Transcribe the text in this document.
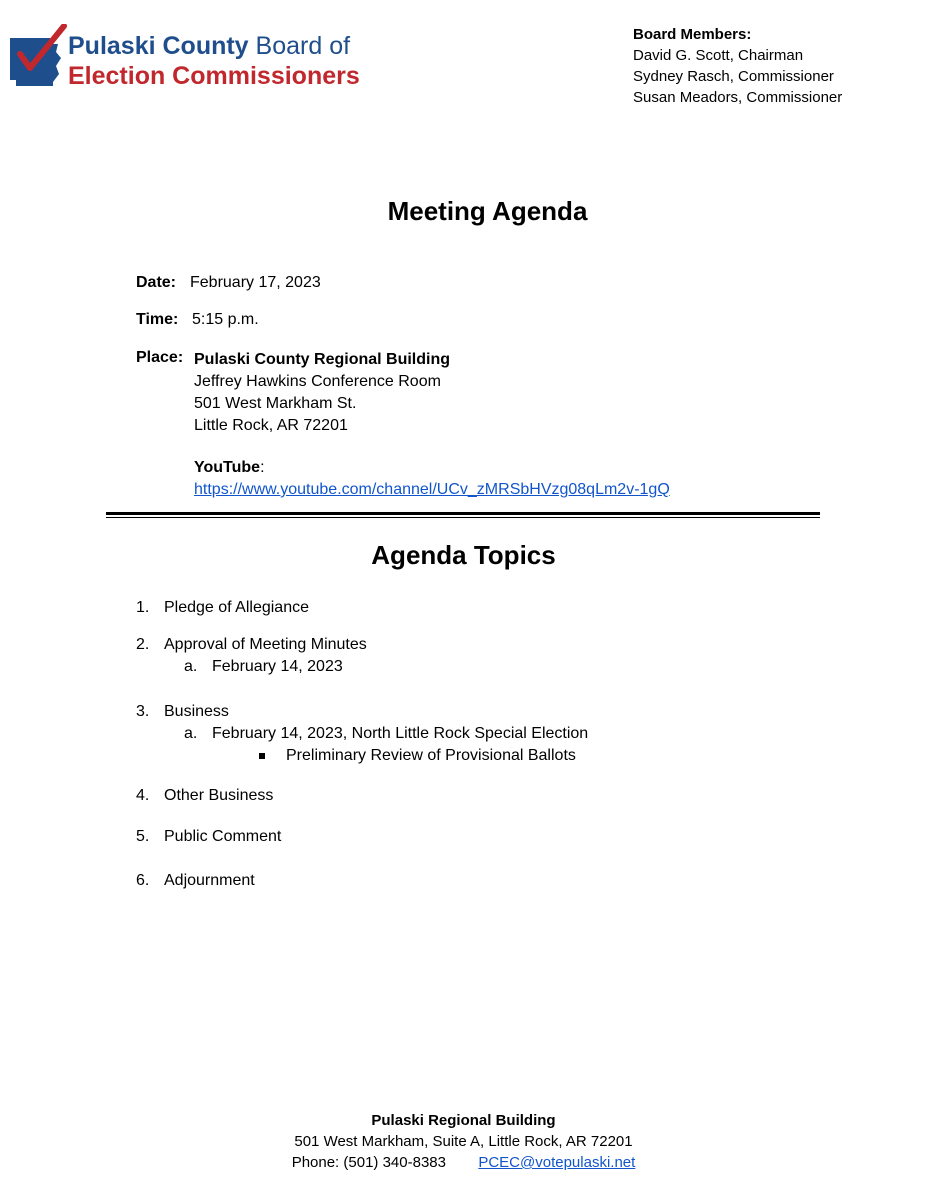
Pulaski County Board of
Election Commissioners
Board Members:
David G. Scott, Chairman
Sydney Rasch, Commissioner
Susan Meadors, Commissioner
Meeting Agenda
Date: February 17, 2023
Time: 5:15 p.m.
Place: Pulaski County Regional Building
Jeffrey Hawkins Conference Room
501 West Markham St.
Little Rock, AR 72201
YouTube:
https://www.youtube.com/channel/UCv_zMRSbHVzg08qLm2v-1gQ
Agenda Topics
1. Pledge of Allegiance
2. Approval of Meeting Minutes
a. February 14, 2023
3. Business
a. February 14, 2023, North Little Rock Special Election
Preliminary Review of Provisional Ballots
4. Other Business
5. Public Comment
6. Adjournment
Pulaski Regional Building
501 West Markham, Suite A, Little Rock, AR 72201
Phone: (501) 340-8383 PCEC@votepulaski.net
